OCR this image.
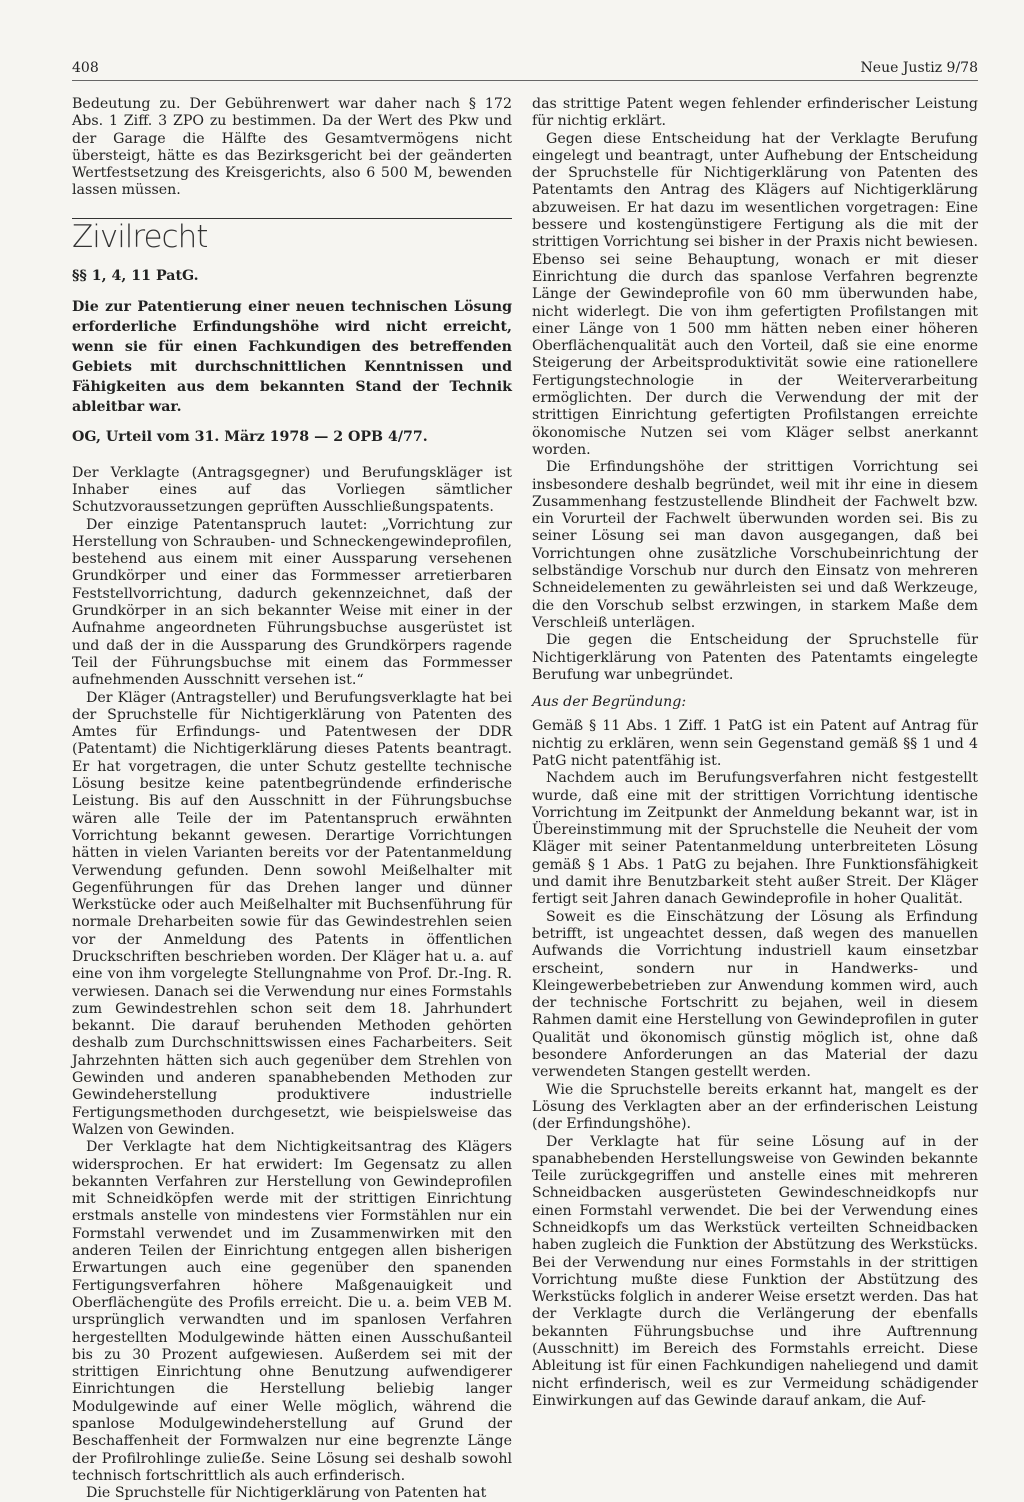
408	Neue Justiz 9/78

Bedeutung zu. Der Gebührenwert war daher nach § 172 Abs. 1 Ziff. 3 ZPO zu bestimmen. Da der Wert des Pkw und der Garage die Hälfte des Gesamtvermögens nicht übersteigt, hätte es das Bezirksgericht bei der geänderten Wertfestsetzung des Kreisgerichts, also 6 500 M, bewenden lassen müssen.

Zivilrecht
§§ 1, 4, 11 PatG.
Die zur Patentierung einer neuen technischen Lösung erforderliche Erfindungshöhe wird nicht erreicht, wenn sie für einen Fachkundigen des betreffenden Gebiets mit durchschnittlichen Kenntnissen und Fähigkeiten aus dem bekannten Stand der Technik ableitbar war.
OG, Urteil vom 31. März 1978 — 2 OPB 4/77.

Der Verklagte (Antragsgegner) und Berufungskläger ist Inhaber eines auf das Vorliegen sämtlicher Schutzvoraussetzungen geprüften Ausschließungspatents.

Der einzige Patentanspruch lautet: „Vorrichtung zur Herstellung von Schrauben- und Schneckengewindeprofilen, bestehend aus einem mit einer Aussparung versehenen Grundkörper und einer das Formmesser arretierbaren Feststellvorrichtung, dadurch gekennzeichnet, daß der Grundkörper in an sich bekannter Weise mit einer in der Aufnahme angeordneten Führungsbuchse ausgerüstet ist und daß der in die Aussparung des Grundkörpers ragende Teil der Führungsbuchse mit einem das Formmesser aufnehmenden Ausschnitt versehen ist.“

Der Kläger (Antragsteller) und Berufungsverklagte hat bei der Spruchstelle für Nichtigerklärung von Patenten des Amtes für Erfindungs- und Patentwesen der DDR (Patentamt) die Nichtigerklärung dieses Patents beantragt. Er hat vorgetragen, die unter Schutz gestellte technische Lösung besitze keine patentbegründende erfinderische Leistung. Bis auf den Ausschnitt in der Führungsbuchse wären alle Teile der im Patentanspruch erwähnten Vorrichtung bekannt gewesen. Derartige Vorrichtungen hätten in vielen Varianten bereits vor der Patentanmeldung Verwendung gefunden. Denn sowohl Meißelhalter mit Gegenführungen für das Drehen langer und dünner Werkstücke oder auch Meißelhalter mit Buchsenführung für normale Dreharbeiten sowie für das Gewindestrehlen seien vor der Anmeldung des Patents in öffentlichen Druckschriften beschrieben worden. Der Kläger hat u. a. auf eine von ihm vorgelegte Stellungnahme von Prof. Dr.-Ing. R. verwiesen. Danach sei die Verwendung nur eines Formstahls zum Gewindestrehlen schon seit dem 18. Jahrhundert bekannt. Die darauf beruhenden Methoden gehörten deshalb zum Durchschnittswissen eines Facharbeiters. Seit Jahrzehnten hätten sich auch gegenüber dem Strehlen von Gewinden und anderen spanabhebenden Methoden zur Gewindeherstellung produktivere industrielle Fertigungsmethoden durchgesetzt, wie beispielsweise das Walzen von Gewinden.

Der Verklagte hat dem Nichtigkeitsantrag des Klägers widersprochen. Er hat erwidert: Im Gegensatz zu allen bekannten Verfahren zur Herstellung von Gewindeprofilen mit Schneidköpfen werde mit der strittigen Einrichtung erstmals anstelle von mindestens vier Formstählen nur ein Formstahl verwendet und im Zusammenwirken mit den anderen Teilen der Einrichtung entgegen allen bisherigen Erwartungen auch eine gegenüber den spanenden Fertigungsverfahren höhere Maßgenauigkeit und Oberflächengüte des Profils erreicht. Die u. a. beim VEB M. ursprünglich verwandten und im spanlosen Verfahren hergestellten Modulgewinde hätten einen Ausschußanteil bis zu 30 Prozent aufgewiesen. Außerdem sei mit der strittigen Einrichtung ohne Benutzung aufwendigerer Einrichtungen die Herstellung beliebig langer Modulgewinde auf einer Welle möglich, während die spanlose Modulgewindeherstellung auf Grund der Beschaffenheit der Formwalzen nur eine begrenzte Länge der Profilrohlinge zulieẞe. Seine Lösung sei deshalb sowohl technisch fortschrittlich als auch erfinderisch.

Die Spruchstelle für Nichtigerklärung von Patenten hat

das strittige Patent wegen fehlender erfinderischer Leistung für nichtig erklärt.

Gegen diese Entscheidung hat der Verklagte Berufung eingelegt und beantragt, unter Aufhebung der Entscheidung der Spruchstelle für Nichtigerklärung von Patenten des Patentamts den Antrag des Klägers auf Nichtigerklärung abzuweisen. Er hat dazu im wesentlichen vorgetragen: Eine bessere und kostengünstigere Fertigung als die mit der strittigen Vorrichtung sei bisher in der Praxis nicht bewiesen. Ebenso sei seine Behauptung, wonach er mit dieser Einrichtung die durch das spanlose Verfahren begrenzte Länge der Gewindeprofile von 60 mm überwunden habe, nicht widerlegt. Die von ihm gefertigten Profilstangen mit einer Länge von 1 500 mm hätten neben einer höheren Oberflächenqualität auch den Vorteil, daß sie eine enorme Steigerung der Arbeitsproduktivität sowie eine rationellere Fertigungstechnologie in der Weiterverarbeitung ermöglichten. Der durch die Verwendung der mit der strittigen Einrichtung gefertigten Profilstangen erreichte ökonomische Nutzen sei vom Kläger selbst anerkannt worden.

Die Erfindungshöhe der strittigen Vorrichtung sei insbesondere deshalb begründet, weil mit ihr eine in diesem Zusammenhang festzustellende Blindheit der Fachwelt bzw. ein Vorurteil der Fachwelt überwunden worden sei. Bis zu seiner Lösung sei man davon ausgegangen, daß bei Vorrichtungen ohne zusätzliche Vorschubeinrichtung der selbständige Vorschub nur durch den Einsatz von mehreren Schneidelementen zu gewährleisten sei und daß Werkzeuge, die den Vorschub selbst erzwingen, in starkem Maße dem Verschleiß unterlägen.

Die gegen die Entscheidung der Spruchstelle für Nichtigerklärung von Patenten des Patentamts eingelegte Berufung war unbegründet.

Aus der Begründung:

Gemäß § 11 Abs. 1 Ziff. 1 PatG ist ein Patent auf Antrag für nichtig zu erklären, wenn sein Gegenstand gemäß §§ 1 und 4 PatG nicht patentfähig ist.

Nachdem auch im Berufungsverfahren nicht festgestellt wurde, daß eine mit der strittigen Vorrichtung identische Vorrichtung im Zeitpunkt der Anmeldung bekannt war, ist in Übereinstimmung mit der Spruchstelle die Neuheit der vom Kläger mit seiner Patentanmeldung unterbreiteten Lösung gemäß § 1 Abs. 1 PatG zu bejahen. Ihre Funktionsfähigkeit und damit ihre Benutzbarkeit steht außer Streit. Der Kläger fertigt seit Jahren danach Gewindeprofile in hoher Qualität.

Soweit es die Einschätzung der Lösung als Erfindung betrifft, ist ungeachtet dessen, daß wegen des manuellen Aufwands die Vorrichtung industriell kaum einsetzbar erscheint, sondern nur in Handwerks- und Kleingewerbebetrieben zur Anwendung kommen wird, auch der technische Fortschritt zu bejahen, weil in diesem Rahmen damit eine Herstellung von Gewindeprofilen in guter Qualität und ökonomisch günstig möglich ist, ohne daß besondere Anforderungen an das Material der dazu verwendeten Stangen gestellt werden.

Wie die Spruchstelle bereits erkannt hat, mangelt es der Lösung des Verklagten aber an der erfinderischen Leistung (der Erfindungshöhe).

Der Verklagte hat für seine Lösung auf in der spanabhebenden Herstellungsweise von Gewinden bekannte Teile zurückgegriffen und anstelle eines mit mehreren Schneidbacken ausgerüsteten Gewindeschneidkopfs nur einen Formstahl verwendet. Die bei der Verwendung eines Schneidkopfs um das Werkstück verteilten Schneidbacken haben zugleich die Funktion der Abstützung des Werkstücks. Bei der Verwendung nur eines Formstahls in der strittigen Vorrichtung mußte diese Funktion der Abstützung des Werkstücks folglich in anderer Weise ersetzt werden. Das hat der Verklagte durch die Verlängerung der ebenfalls bekannten Führungsbuchse und ihre Auftrennung (Ausschnitt) im Bereich des Formstahls erreicht. Diese Ableitung ist für einen Fachkundigen naheliegend und damit nicht erfinderisch, weil es zur Vermeidung schädigender Einwirkungen auf das Gewinde darauf ankam, die Auf-
